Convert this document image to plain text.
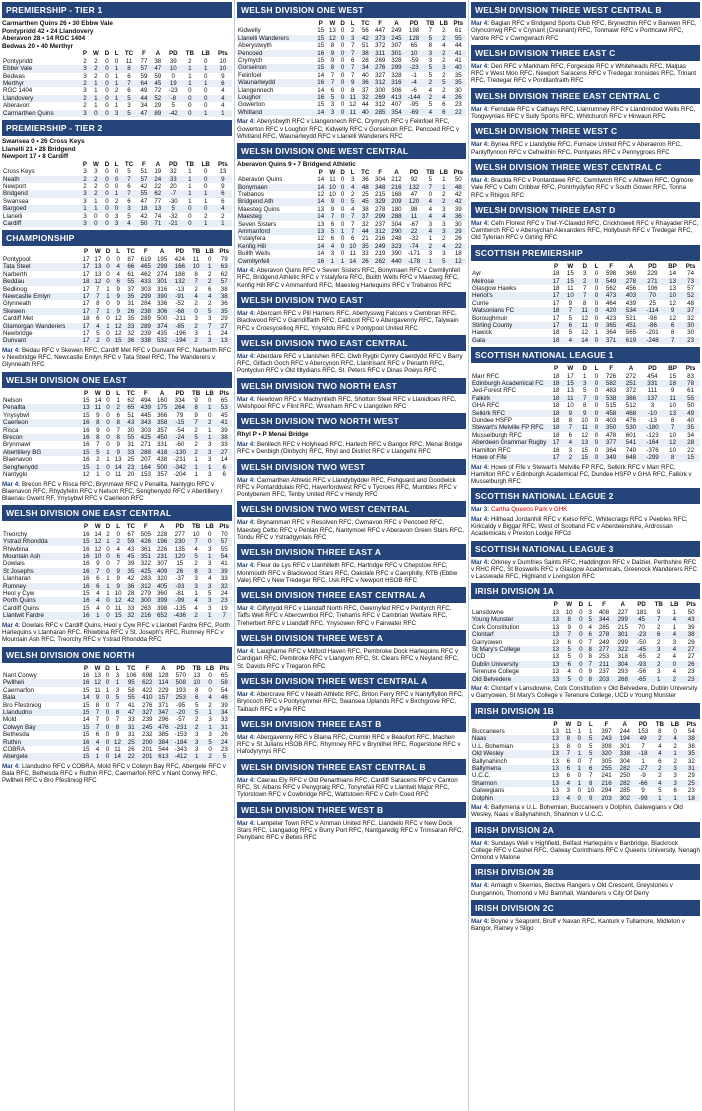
PREMIERSHIP - TIER 1
Carmarthen Quins 26 • 30 Ebbw Vale
Pontypridd 42 • 24 Llandovery
Aberavon 28 • 14 RGC 1404
Bedwas 20 • 40 Merthyr
	P	W	D	L	TC	F	A	PD	TB	LB	Pts
Pontypridd	2	2	0	0	11	77	38	39	2	0	10
Ebbw Vale	3	2	0	1	8	57	47	10	1	1	10
Bedwas	3	2	0	1	6	59	59	0	1	0	9
Merthyr	2	1	0	1	7	64	45	19	1	1	6
RGC 1404	3	1	0	2	6	49	72	-23	0	0	4
Llandovery	2	1	0	1	5	44	52	-8	0	0	4
Aberavon	2	1	0	1	3	34	29	5	0	0	4
Carmarthen Quins	3	0	0	3	5	47	89	-42	0	1	1
PREMIERSHIP - TIER 2
Swansea 0 • 26 Cross Keys
Llanelli 21 • 28 Bridgend
Newport 17 • 8 Cardiff
	P	W	D	L	TC	F	A	PD	TB	LB	Pts
Cross Keys	3	3	0	0	5	51	19	32	1	0	13
Neath	2	2	0	0	7	57	24	33	1	0	9
Newport	2	2	0	0	6	42	22	20	1	0	9
Bridgend	3	2	0	1	7	55	62	-7	1	1	6
Swansea	3	1	0	2	6	47	77	-30	1	1	6
Bargoed	1	1	0	0	3	18	13	5	0	0	4
Llanelli	3	0	0	3	5	42	74	-32	0	2	2
Cardiff	3	0	0	3	4	50	71	-21	0	1	1
CHAMPIONSHIP
	P	W	D	L	TC	F	A	PD	TB	LB	Pts
Pontypool	17	17	0	0	87	619	195	424	11	0	79
Tata Steel	17	13	0	4	66	465	299	166	10	1	63
Narberth	17	13	0	4	61	462	274	188	8	2	62
Beddau	18	12	0	6	55	433	301	132	7	2	57
Bedlinog	17	7	1	9	37	303	316	-13	2	6	38
Newcastle Emlyn	17	7	1	9	35	299	390	-91	4	4	38
Glynneath	17	8	0	9	31	284	336	-52	2	2	36
Skewen	17	7	1	9	26	238	306	-68	0	5	35
Cardiff Met	18	6	0	12	35	289	500	-211	3	3	29
Glamorgan Wanderers	17	4	1	12	33	289	374	-85	2	7	27
Newbridge	17	5	0	12	32	239	435	-196	3	1	24
Dunvant	17	2	0	15	36	338	532	-194	2	3	13
Mar 4: Bedau RFC v Skewen RFC, Cardiff Met RFC v Dunvant RFC, Narberth RFC v Newbridge RFC, Newcastle Emlyn RFC v Tata Steel RFC, The Wanderers v Glynneath RFC
WELSH DIVISION ONE EAST
	P	W	D	L	TC	F	A	PD	TB	LB	Pts
Nelson	15	14	0	1	62	494	160	334	9	0	65
Penallta	13	11	0	2	65	439	175	264	8	1	53
Ynysybwl	15	9	0	6	51	445	366	79	9	0	45
Caerleon	16	8	0	8	43	343	358	-15	7	2	41
Risca	16	9	0	7	30	303	357	-54	2	1	39
Brecon	16	8	0	8	55	425	450	-24	5	1	38
Brynmawr	16	7	0	9	31	271	331	-60	2	3	33
Abertillery BG	15	5	1	9	33	288	418	-130	2	3	27
Blaenavon	16	2	1	13	25	207	438	-231	1	3	14
Senghenydd	15	1	0	14	23	164	500	-342	1	1	6
Nantyglo	12	1	0	11	20	153	357	-204	1	3	6
Mar 4: Brecon RFC v Risca RFC, Brynmawr RFC v Penallta, Nantyglo RFC v Blaenavon RFC, Rhydyfelin RFC v Nelson RFC, Senghenydd RFC v Abertillery / Blaenau Gwent RF, Ynysybwl RFC v Caerleon RFC
WELSH DIVISION ONE EAST CENTRAL
	P	W	D	L	TC	F	A	PD	TB	LB	Pts
Treorchy	16	14	2	0	67	505	228	277	10	0	70
Ystrad Rhondda	15	12	1	2	59	426	196	230	7	0	57
Rhiwbina	16	12	0	4	43	361	226	135	4	3	55
Mountain Ash	16	10	0	6	45	351	231	120	5	1	54
Dowlais	16	9	0	7	39	322	307	15	2	3	41
St Josephs	16	7	0	9	35	425	409	26	8	3	39
Llanharan	16	6	1	9	42	283	320	-37	3	4	33
Rumney	16	6	1	9	36	312	405	-93	3	3	32
Heol y Cyw	15	4	1	10	28	279	360	-81	1	5	24
Porth Quins	16	4	0	12	42	300	399	-99	4	3	23
Cardiff Quins	15	4	0	11	33	263	398	-135	4	3	19
Llantwit Fardre	16	1	0	15	32	216	652	-436	2	1	7
Mar 4: Dowlais RFC v Cardiff Quins, Heol y Cyw RFC v Llantwit Fardre RFC, Porth Harlequins v Llanharan RFC, Rhiwbina RFC v St. Joseph's RFC, Rumney RFC v Mountain Ash RFC, Treorchy RFC v Ystrad Rhondda RFC
WELSH DIVISION ONE NORTH
	P	W	D	L	TC	F	A	PD	TB	LB	Pts
Nant Conwy	16	13	0	3	106	698	128	570	13	0	65
Pwllheli	16	12	0	1	95	622	114	508	10	0	58
Caernarfon	15	11	1	3	58	422	229	193	8	0	54
Bala	14	9	0	5	55	410	157	253	6	4	46
Bro Ffestiniog	15	8	0	7	41	276	371	-95	5	2	39
Llandudno	15	7	0	8	47	327	347	-20	5	1	34
Mold	14	7	0	7	33	239	296	-57	2	3	33
Colwyn Bay	15	7	0	8	31	245	476	-231	2	1	31
Bethesda	15	6	0	9	31	232	385	-153	3	3	26
Ruthin	16	4	0	12	25	200	384	-184	3	5	24
COBRA	15	4	0	11	26	201	544	-343	3	0	23
Abergele	15	1	0	14	22	201	613	-412	1	2	5
Mar 4: Llandudno RFC v COBRA, Mold RFC v Colwyn Bay RFC, Abergele RFC v Bala RFC, Bethesda RFC v Ruthin RFC, Caernarfon RFC v Nant Conwy RFC, Pwllheli RFC v Bro Ffestiniog RFC
WELSH DIVISION ONE WEST
	P	W	D	L	TC	F	A	PD	TB	LB	Pts
Kidwelly	15	13	0	2	56	447	249	198	7	2	61
Llanelli Wanderers	15	12	0	3	42	373	245	128	5	2	55
Aberystwyth	15	8	0	7	51	372	307	65	8	4	44
Pencoed	16	9	0	7	38	311	301	10	3	2	41
Crymych	15	9	0	6	28	269	328	-59	3	2	41
Gorseinon	15	8	0	7	34	276	299	-23	5	3	40
Felinfoel	14	7	0	7	40	327	328	-1	5	2	35
Waunarlwydd	16	7	0	9	36	312	316	-4	2	5	35
Llangennech	14	6	0	8	37	300	306	-6	4	2	30
Loughor	16	5	0	11	32	269	413	-144	2	4	26
Gowerton	15	3	0	12	44	312	407	-95	5	6	23
Whitland	14	3	0	11	40	285	354	-69	4	6	22
Mar 4: Aberystwyth RFC v Llangennech RFC, Crymych RFC v Felinfoel RFC, Gowerton RFC v Loughor RFC, Kidwelly RFC v Gorseinon RFC, Pencoed RFC v Whitland RFC, Waunarlwydd RFC v Llanelli Wanderers RFC
WELSH DIVISION ONE WEST CENTRAL
Aberavon Quins 9 • 7 Bridgend Athletic
	P	W	D	L	TC	F	A	PD	TB	LB	Pts
Aberavon Quins	14	11	0	3	36	304	212	92	5	1	50
Bonymaen	14	10	0	4	48	348	216	132	7	1	48
Trebanos	12	10	0	2	25	215	168	47	0	2	42
Bridgend Ath	14	9	0	5	45	329	209	120	4	2	42
Maesteg Quins	13	9	0	4	38	278	180	98	4	3	39
Maesteg	14	7	0	7	37	299	288	11	4	4	36
Seven Sisters	13	6	0	7	32	237	304	-67	3	3	30
Ammanford	13	5	1	7	44	312	290	22	4	3	29
Ystalyfera	12	6	0	6	21	216	248	-32	1	2	26
Kenfig Hill	14	4	0	10	35	249	323	-74	2	4	22
Builth Wells	14	3	0	11	33	219	390	-171	3	3	18
Cwmllynfell	16	1	1	14	26	262	440	-178	1	5	12
Mar 4: Aberavon Quins RFC v Seven Sisters RFC, Bonymaen RFC v Cwmllynfell RFC, Bridgend Athletic RFC v Ystalyfera RFC, Builth Wells RFC v Maesteg RFC, Kenfig Hill RFC v Ammanford RFC, Maesteg Harlequins RFC v Trebanos RFC
WELSH DIVISION TWO EAST
Mar 4: Abercarn RFC v Pill Harriers RFC, Abertysswg Falcons v Cwmbran RFC, Blackwood RFC v Garndiffaith RFC, Caldicot RFC v Abergavenny RFC, Talywain RFC v Croesyceiliog RFC, Ynysddu RFC v Pontypool United RFC
WELSH DIVISION TWO EAST CENTRAL
Mar 4: Aberdare RFC v Llanishen RFC, Clwb Rygbi Cymry Caerdydd RFC v Barry RFC, Gilfach Goch RFC v Abercynon RFC, Llantrisant RFC v Penarth RFC, Pontyclun RFC v Old Illtydians RFC, St. Peters RFC v Dinas Powys RFC
WELSH DIVISION TWO NORTH EAST
Mar 4: Newtown RFC v Machynlleth RFC, Shotton Steel RFC v Llanidloes RFC, Welshpool RFC v Flint RFC, Wrexham RFC v Llangollen RFC
WELSH DIVISION TWO NORTH WEST
Rhyl P • P Menai Bridge
Mar 4: Benllech RFC v Holyhead RFC, Harlech RFC v Bangor RFC, Menai Bridge RFC v Denbigh (Dinbych) RFC, Rhyl and District RFC v Llangefni RFC
WELSH DIVISION TWO WEST
Mar 4: Carmarthen Athletic RFC v Llandybydder RFC, Fishguard and Goodwick RFC v Pontarddulais RFC, Haverfordwest RFC v Tycroes RFC, Mumbles RFC v Pontyberem RFC, Tenby United RFC v Hendy RFC
WELSH DIVISION TWO WEST CENTRAL
Mar 4: Brynamman RFC v Resolven RFC, Cwmavon RFC v Pencoed RFC, Maesteg Celtic RFC v Penlan RFC, Nantymoel RFC v Aberavon Green Stars RFC, Tondu RFC v Ystradgynlais RFC
WELSH DIVISION THREE EAST A
Mar 4: Fleur de Lys RFC v Llanhilleth RFC, Hartridge RFC v Chepstow RFC, Monmouth RFC v Blackwood Stars RFC, Oakdale RFC v Caerphilly, RTB (Ebbw Vale) RFC v New Tredegar RFC, Usk RFC v Newport HSOB RFC
WELSH DIVISION THREE EAST CENTRAL A
Mar 4: Cilfynydd RFC v Llandaff North RFC, Gwernyfed RFC v Pentyrch RFC, Taffs Well RFC v Abercwmboi RFC, Treharris RFC v Cambrian Welfare RFC, Treherbert RFC v Llandaff RFC, Ynysowen RFC v Fairwater RFC
WELSH DIVISION THREE WEST A
Mar 4: Laugharne RFC v Milford Haven RFC, Pembroke Dock Harlequins RFC v Cardigan RFC, Pembroke RFC v Llangwm RFC, St. Clears RFC v Neyland RFC, St. Davids RFC v Tregaron RFC
WELSH DIVISION THREE WEST CENTRAL A
Mar 4: Abercrave RFC v Neath Athletic RFC, Briton Ferry RFC v Nantyffyllon RFC, Bryncoch RFC v Pontycymmer RFC, Swansea Uplands RFC v Birchgrove RFC, Taibach RFC v Pyle RFC
WELSH DIVISION THREE EAST B
Mar 4: Abergavenny RFC v Blaina RFC, Crumlin RFC v Beaufort RFC, Machen RFC v St Julians HSOB RFC, Rhymney RFC v Brynithel RFC, Rogerstone RFC v Hafodyrynys RFC
WELSH DIVISION THREE EAST CENTRAL B
Mar 4: Caerau Ely RFC v Old Penarthians RFC, Cardiff Saracens RFC v Canton RFC, St. Albans RFC v Penygraig RFC, Tonyrefail RFC v Llantwit Major RFC, Tylorstown RFC v Cowbridge RFC, Wattstown RFC v Cefn Coed RFC
WELSH DIVISION THREE WEST B
Mar 4: Lampeter Town RFC v Amman United RFC, Llandeilo RFC v New Dock Stars RFC, Llangadog RFC v Burry Port RFC, Nantgaredig RFC v Trimsaran RFC, Penybanc RFC v Betws RFC
WELSH DIVISION THREE WEST CENTRAL B
Mar 4: Baglan RFC v Bridgend Sports Club RFC, Brynecthin RFC v Banwen RFC, Glyncorrwg RFC v Crynant (Creunant) RFC, Tonmawr RFC v Porthcawl RFC, Vardre RFC v Cwmgwrach RFC
WELSH DIVISION THREE EAST C
Mar 4: Deri RFC v Markham RFC, Forgeside RFC v Whiteheads RFC, Malpas RFC v West Mon RFC, Newport Saracens RFC v Tredegar Ironsides RFC, Trinant RFC, Tredegar RFC v Pontllanfraith RFC
WELSH DIVISION THREE EAST CENTRAL C
Mar 4: Ferndale RFC v Cathays RFC, Llanrumney RFC v Llandrindod Wells RFC, Tongwynlais RFC v Sully Sports RFC, Whitchurch RFC v Hirwaun RFC
WELSH DIVISION THREE WEST C
Mar 4: Bynea RFC v Llandybie RFC, Furnace United RFC v Aberaeron RFC, Pantyffynnon RFC v Cefneithin RFC, Pontyates RFC v Pennygroes RFC
WELSH DIVISION THREE WEST CENTRAL C
Mar 4: Brackla RFC v Pontardawe RFC, Cwmtwrch RFC v Alltwen RFC, Ogmore Vale RFC v Cefn Cribbwr RFC, Pontrhydyfen RFC v South Gower RFC, Tonna RFC v Rhigos RFC
WELSH DIVISION THREE EAST D
Mar 4: Cefn Fforest RFC v Tref-Y-Clawdd RFC, Crickhowell RFC v Rhayader RFC, Cwmtwrch RFC v Abersychan Alexanders RFC, Hollybush RFC v Tredegar RFC, Old Tylerian RFC v Girling RFC
SCOTTISH PREMIERSHIP
	P	W	D	L	F	A	PD	BP	Pts
Ayr	18	15	3	0	598	369	229	14	74
Melrose	17	15	2	0	549	278	271	13	73
Glasgow Hawks	18	11	7	0	562	456	106	13	57
Heriot's	17	10	7	0	473	403	70	10	52
Currie	17	9	8	0	464	439	25	12	48
Watsonians FC	18	7	11	0	420	534	-114	9	37
Boroughmuir	17	5	12	0	423	521	-98	12	32
Stirling County	17	6	11	0	365	451	-86	6	30
Hawick	18	5	12	1	364	565	-201	8	30
Gala	18	4	14	0	371	619	-248	7	23
SCOTTISH NATIONAL LEAGUE 1
	P	W	D	L	F	A	PD	BP	Pts
Marr RFC	18	17	1	0	726	272	454	15	83
Edinburgh Academical FC	18	15	3	0	582	251	331	18	78
Jed-Forest RFC	18	13	5	0	483	372	111	9	61
Falkirk	18	11	7	0	538	386	137	11	55
GHA RFC	18	10	8	0	515	512	3	10	50
Selkirk RFC	18	9	9	0	458	468	-10	13	49
Dundee HSFP	18	8	10	0	403	476	-13	8	40
Stewart's Melville FP RFC	18	7	11	0	350	530	-180	7	35
Musselburgh RFC	18	6	12	0	478	601	-123	10	34
Aberdeen Grammar Rugby	17	4	13	0	377	541	-164	12	28
Hamilton RFC	18	3	15	0	364	740	-376	10	22
Howe of Fife	17	2	15	0	349	648	-299	8	15
Mar 4: Howe of Fife v Stewart's Melville FP RFC, Selkirk RFC v Marr RFC, Hamilton RFC v Edinburgh Academical FC, Dundee HSFP v GHA RFC, Falkirk v Musselburgh RFC
SCOTTISH NATIONAL LEAGUE 2
Mar 3: Cartha Queens Park v GHK
Mar 4: Hillhead Jordanhill RFC v Kelso RFC, Whitecraigs RFC v Peebles RFC, Kirkcaldy v Biggar RFC, West of Scotland FC v Aberdeenshire, Ardrossan Academicals v Preston Lodge RFCd
SCOTTISH NATIONAL LEAGUE 3
Mar 4: Orkney v Dumfries Saints RFC, Haddington RFC v Dalziel, Perthshire RFC v RHC RFC, St Boswells RFC v Glasgow Academicals, Greenock Wanderers RFC v Lasswade RFC, Highland v Livingston RFC
IRISH DIVISION 1A
	P	W	D	L	F	A	PD	TB	LB	Pts
Lansdowne	13	10	0	3	408	227	181	9	1	50
Young Munster	13	8	0	5	344	299	45	7	4	43
Cork Constitution	13	9	0	4	285	215	70	2	1	39
Clontarf	13	7	0	6	278	301	-23	6	4	38
Garryowen	13	6	0	7	249	299	-50	2	3	29
St Mary's College	13	5	0	8	277	322	-45	3	4	27
UCD	13	5	0	8	253	318	-65	2	4	27
Dublin University	13	6	0	7	211	304	-93	2	0	26
Terenure College	13	4	0	9	237	293	-56	3	4	23
Old Belvedere	13	5	0	8	203	268	-65	1	2	23
Mar 4: Clontarf v Lansdowne, Cork Constitution v Old Belvedere, Dublin University v Garryowen, St Mary's College v Terenure College, UCD v Young Munster
IRISH DIVISION 1B
	P	W	D	L	F	A	PD	TB	LB	Pts
Buccaneers	13	11	1	1	397	244	153	8	0	54
Naas	13	8	0	5	243	194	49	2	4	38
U.L. Bohemian	13	8	0	5	308	301	7	4	2	38
Old Wesley	13	7	1	5	320	338	-18	4	1	35
Ballynahinch	13	6	0	7	305	304	1	6	2	32
Ballymena	13	6	1	6	255	282	-27	2	3	31
U.C.C.	13	6	0	7	241	250	-9	2	3	29
Shannon	13	4	1	8	216	282	-66	4	3	25
Galwegians	13	3	0	10	294	285	9	5	6	23
Dolphin	13	4	0	9	203	302	-99	1	1	18
Mar 4: Ballymena v U.L. Bohemian, Buccaneers v Dolphin, Galwegians v Old Wesley, Naas v Ballynahinch, Shannon v U.C.C.
IRISH DIVISION 2A
Mar 4: Sundays Well v Highfield, Belfast Harlequins v Banbridge, Blackrock College RFC v Cashel RFC, Galway Corinthians RFC v Queens University, Nenagh Ormond v Malone
IRISH DIVISION 2B
Mar 4: Armagh v Skerries, Bective Rangers v Old Crescent, Greystones v Dungannon, Thomond v MU Barnhall, Wanderers v City Of Derry
IRISH DIVISION 2C
Mar 4: Boyne v Seapoint, Bruff v Navan RFC, Kanturk v Tullamore, Midleton v Bangor, Rainey v Sligo
